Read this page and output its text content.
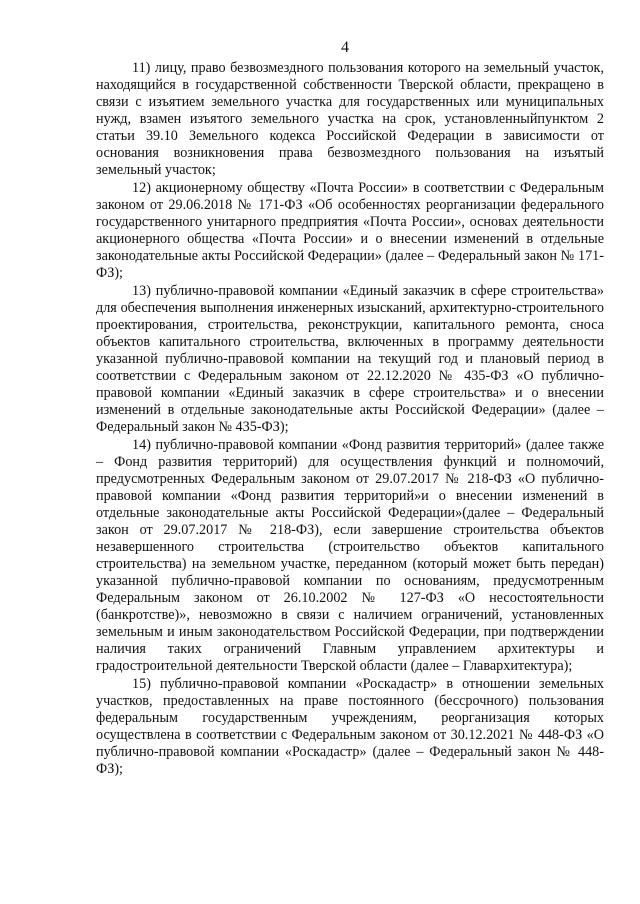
4

11) лицу, право безвозмездного пользования которого на земельный участок, находящийся в государственной собственности Тверской области, прекращено в связи с изъятием земельного участка для государственных или муниципальных нужд, взамен изъятого земельного участка на срок, установленныйпунктом 2 статьи 39.10 Земельного кодекса Российской Федерации в зависимости от основания возникновения права безвозмездного пользования на изъятый земельный участок;

12) акционерному обществу «Почта России» в соответствии с Федеральным законом от 29.06.2018 № 171-ФЗ «Об особенностях реорганизации федерального государственного унитарного предприятия «Почта России», основах деятельности акционерного общества «Почта России» и о внесении изменений в отдельные законодательные акты Российской Федерации» (далее – Федеральный закон № 171-ФЗ);

13) публично-правовой компании «Единый заказчик в сфере строительства» для обеспечения выполнения инженерных изысканий, архитектурно-строительного проектирования, строительства, реконструкции, капитального ремонта, сноса объектов капитального строительства, включенных в программу деятельности указанной публично-правовой компании на текущий год и плановый период в соответствии с Федеральным законом от 22.12.2020 № 435-ФЗ «О публично-правовой компании «Единый заказчик в сфере строительства» и о внесении изменений в отдельные законодательные акты Российской Федерации» (далее – Федеральный закон № 435-ФЗ);

14) публично-правовой компании «Фонд развития территорий» (далее также – Фонд развития территорий) для осуществления функций и полномочий, предусмотренных Федеральным законом от 29.07.2017 № 218-ФЗ «О публично-правовой компании «Фонд развития территорий»и о внесении изменений в отдельные законодательные акты Российской Федерации»(далее – Федеральный закон от 29.07.2017 № 218-ФЗ), если завершение строительства объектов незавершенного строительства (строительство объектов капитального строительства) на земельном участке, переданном (который может быть передан) указанной публично-правовой компании по основаниям, предусмотренным Федеральным законом от 26.10.2002 № 127-ФЗ «О несостоятельности (банкротстве)», невозможно в связи с наличием ограничений, установленных земельным и иным законодательством Российской Федерации, при подтверждении наличия таких ограничений Главным управлением архитектуры и градостроительной деятельности Тверской области (далее – Главархитектура);

15) публично-правовой компании «Роскадастр» в отношении земельных участков, предоставленных на праве постоянного (бессрочного) пользования федеральным государственным учреждениям, реорганизация которых осуществлена в соответствии с Федеральным законом от 30.12.2021 № 448-ФЗ «О публично-правовой компании «Роскадастр» (далее – Федеральный закон № 448-ФЗ);
